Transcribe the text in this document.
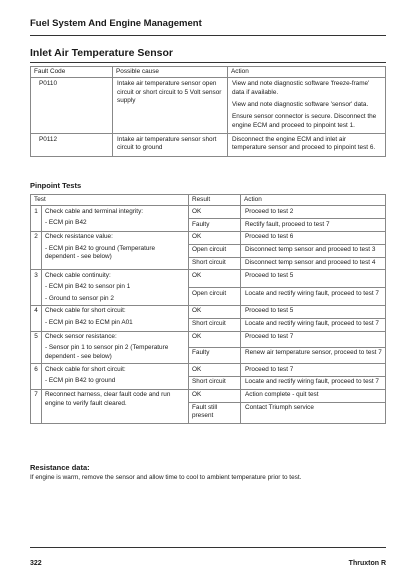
Fuel System And Engine Management
Inlet Air Temperature Sensor
Fault Code	Possible cause	Action
P0110	Intake air temperature sensor open circuit or short circuit to 5 Volt sensor supply	View and note diagnostic software 'freeze-frame' data if available.

View and note diagnostic software 'sensor' data.

Ensure sensor connector is secure. Disconnect the engine ECM and proceed to pinpoint test 1.

P0112	Intake air temperature sensor short circuit to ground	Disconnect the engine ECM and inlet air temperature sensor and proceed to pinpoint test 6.

Pinpoint Tests
Test		Result	Action
1	Check cable and terminal integrity:

- ECM pin B42	OK	Proceed to test 2
		Faulty	Rectify fault, proceed to test 7
2	Check resistance value:

- ECM pin B42 to ground (Temperature dependent - see below)	OK	Proceed to test 6
		Open circuit	Disconnect temp sensor and proceed to test 3
		Short circuit	Disconnect temp sensor and proceed to test 4
3	Check cable continuity:

- ECM pin B42 to sensor pin 1

- Ground to sensor pin 2	OK	Proceed to test 5
		Open circuit	Locate and rectify wiring fault, proceed to test 7
4	Check cable for short circuit:

- ECM pin B42 to ECM pin A01	OK	Proceed to test 5
		Short circuit	Locate and rectify wiring fault, proceed to test 7
5	Check sensor resistance:

- Sensor pin 1 to sensor pin 2 (Temperature dependent - see below)	OK	Proceed to test 7
		Faulty	Renew air temperature sensor, proceed to test 7
6	Check cable for short circuit:

- ECM pin B42 to ground	OK	Proceed to test 7
		Short circuit	Locate and rectify wiring fault, proceed to test 7
7	Reconnect harness, clear fault code and run engine to verify fault cleared.	OK	Action complete - quit test
		Fault still present	Contact Triumph service
Resistance data:
If engine is warm, remove the sensor and allow time to cool to ambient temperature prior to test.
322	Thruxton R
